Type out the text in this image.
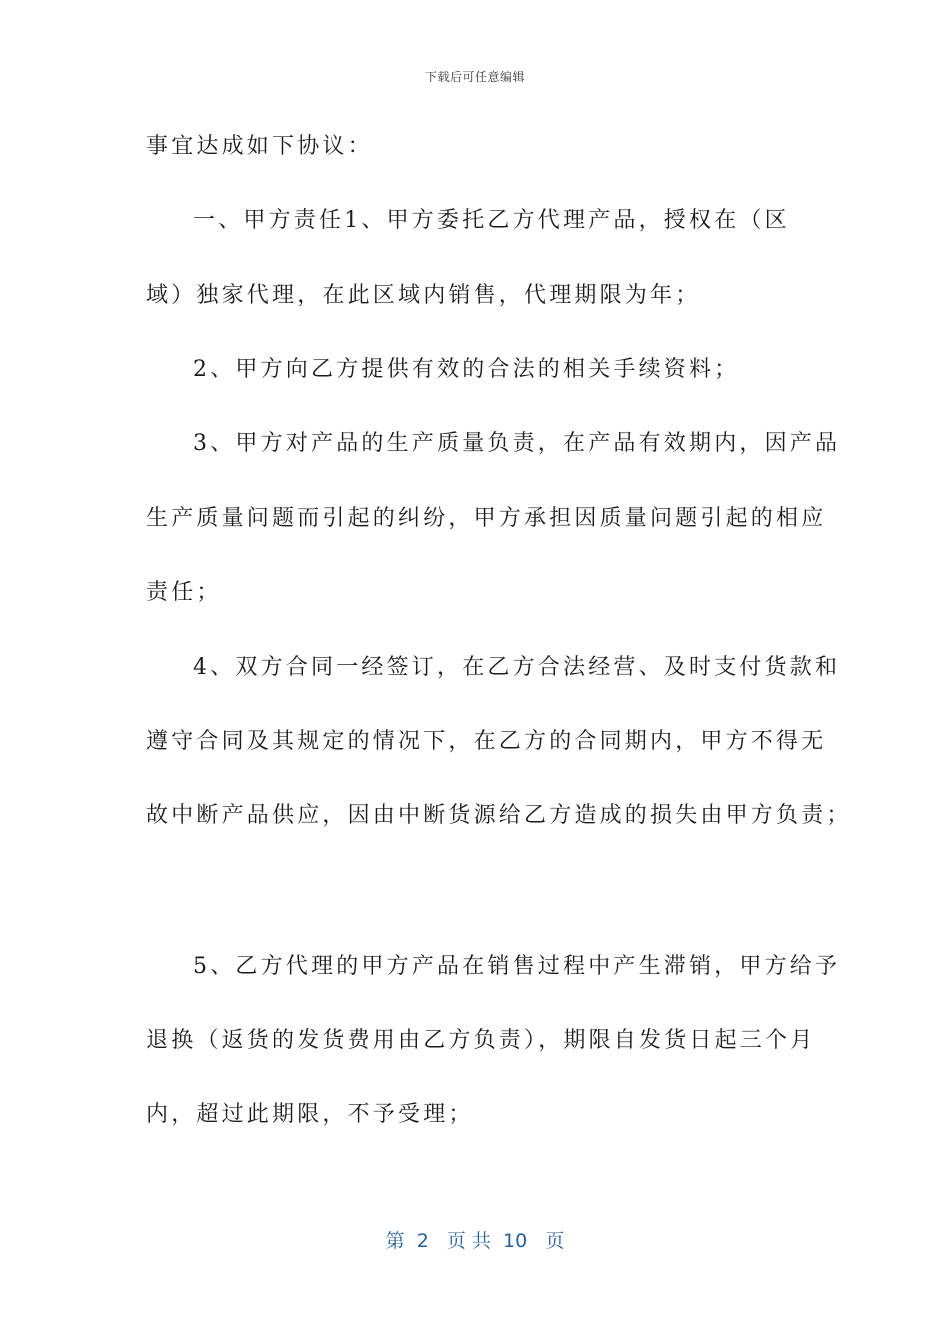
下载后可任意编辑
事宜达成如下协议：
一、甲方责任1、甲方委托乙方代理产品，授权在（区
域）独家代理，在此区域内销售，代理期限为年；
2、甲方向乙方提供有效的合法的相关手续资料；
3、甲方对产品的生产质量负责，在产品有效期内，因产品
生产质量问题而引起的纠纷，甲方承担因质量问题引起的相应
责任；
4、双方合同一经签订，在乙方合法经营、及时支付货款和
遵守合同及其规定的情况下，在乙方的合同期内，甲方不得无
故中断产品供应，因由中断货源给乙方造成的损失由甲方负责；
5、乙方代理的甲方产品在销售过程中产生滞销，甲方给予
退换（返货的发货费用由乙方负责），期限自发货日起三个月
内，超过此期限，不予受理；
第  2   页 共  10   页
